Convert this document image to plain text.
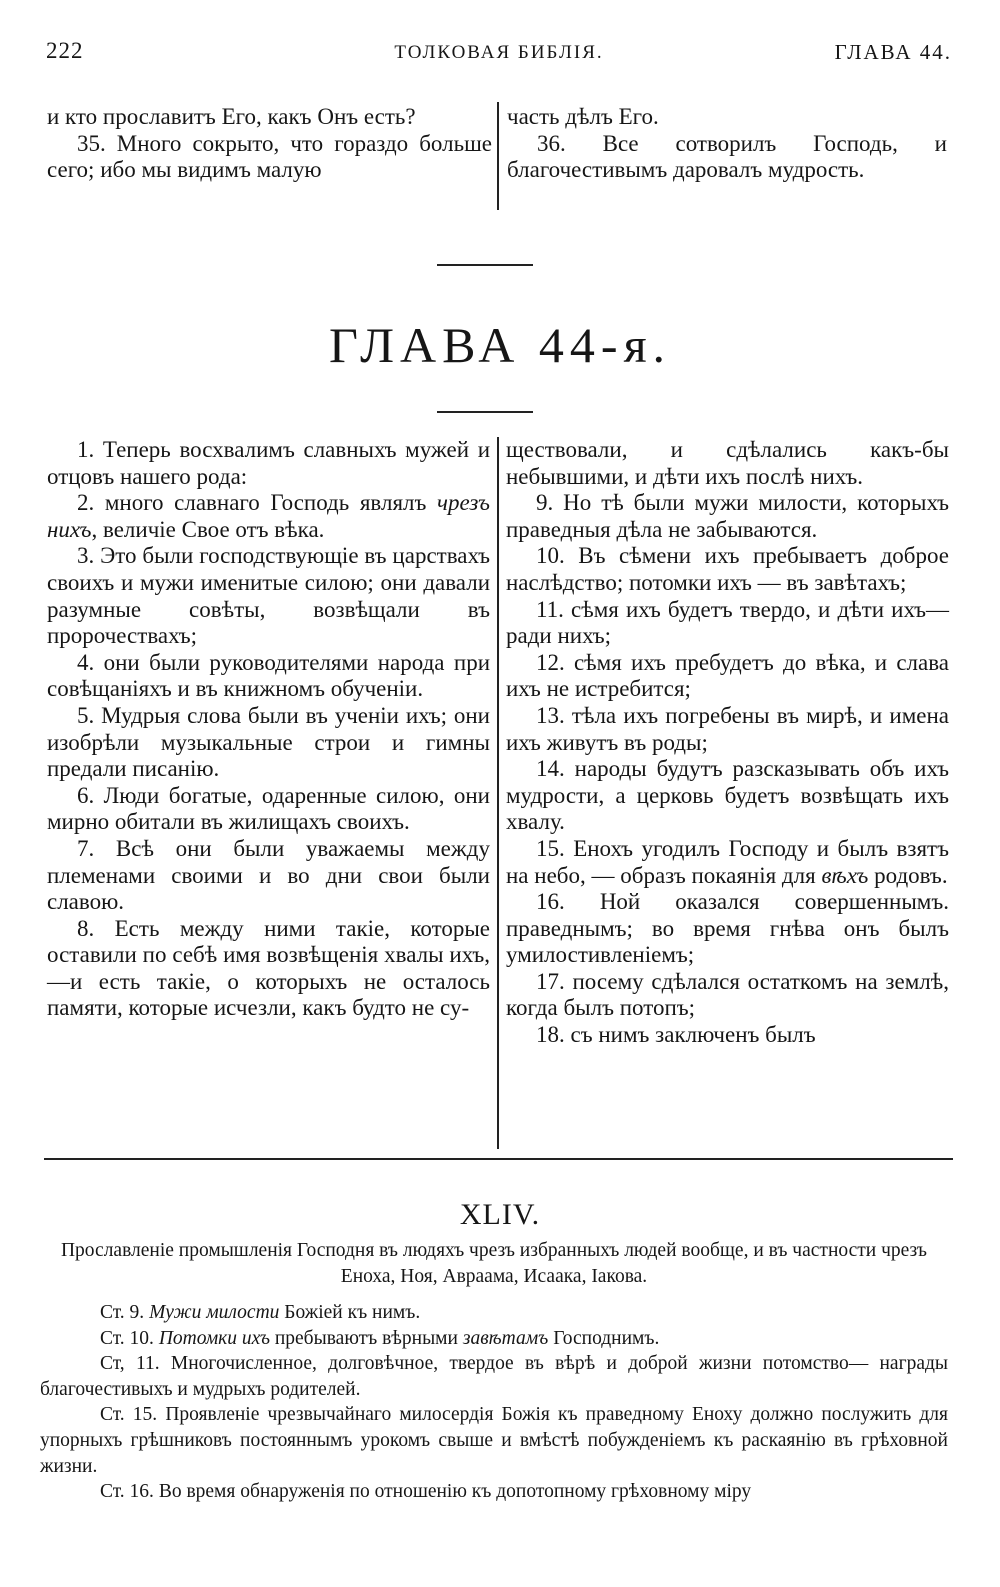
222	ТОЛКОВАЯ БИБЛІЯ.	ГЛАВА 44.

и кто прославитъ Его, какъ Онъ есть?

35. Много сокрыто, что гораздо больше сего; ибо мы видимъ малую

часть дѣлъ Его.

36. Все сотворилъ Господь, и благочестивымъ даровалъ мудрость.

ГЛАВА 44-я.

1. Теперь восхвалимъ славныхъ мужей и отцовъ нашего рода:

2. много славнаго Господь являлъ чрезъ нихъ, величіе Свое отъ вѣка.

3. Это были господствующіе въ царствахъ своихъ и мужи именитые силою; они давали разумные совѣты, возвѣщали въ пророчествахъ;

4. они были руководителями народа при совѣщаніяхъ и въ книжномъ обученіи.

5. Мудрыя слова были въ ученіи ихъ; они изобрѣли музыкальные строи и гимны предали писанію.

6. Люди богатые, одаренные силою, они мирно обитали въ жилищахъ своихъ.

7. Всѣ они были уважаемы между племенами своими и во дни свои были славою.

8. Есть между ними такіе, которые оставили по себѣ имя возвѣщенія хвалы ихъ,—и есть такіе, о которыхъ не осталось памяти, которые исчезли, какъ будто не су-

ществовали, и сдѣлались какъ-бы небывшими, и дѣти ихъ послѣ нихъ.

9. Но тѣ были мужи милости, которыхъ праведныя дѣла не забываются.

10. Въ сѣмени ихъ пребываетъ доброе наслѣдство; потомки ихъ — въ завѣтахъ;

11. сѣмя ихъ будетъ твердо, и дѣти ихъ—ради нихъ;

12. сѣмя ихъ пребудетъ до вѣка, и слава ихъ не истребится;

13. тѣла ихъ погребены въ мирѣ, и имена ихъ живутъ въ роды;

14. народы будутъ разсказывать объ ихъ мудрости, а церковь будетъ возвѣщать ихъ хвалу.

15. Енохъ угодилъ Господу и былъ взятъ на небо, — образъ покаянія для вѣхъ родовъ.

16. Ной оказался совершеннымъ. праведнымъ; во время гнѣва онъ былъ умилостивленіемъ;

17. посему сдѣлался остаткомъ на землѣ, когда былъ потопъ;

18. съ нимъ заключенъ былъ

XLIV.
Прославленіе промышленія Господня въ людяхъ чрезъ избранныхъ людей вообще, и въ частности чрезъ Еноха, Ноя, Авраама, Исаака, Іакова.

Ст. 9. Мужи милости Божіей къ нимъ.

Ст. 10. Потомки ихъ пребываютъ вѣрными завѣтамъ Господнимъ.

Ст, 11. Многочисленное, долговѣчное, твердое въ вѣрѣ и доброй жизни потомство— награды благочестивыхъ и мудрыхъ родителей.

Ст. 15. Проявленіе чрезвычайнаго милосердія Божія къ праведному Еноху должно послужить для упорныхъ грѣшниковъ постояннымъ урокомъ свыше и вмѣстѣ побужденіемъ къ раскаянію въ грѣховной жизни.

Ст. 16. Во время обнаруженія по отношенію къ допотопному грѣховному міру
